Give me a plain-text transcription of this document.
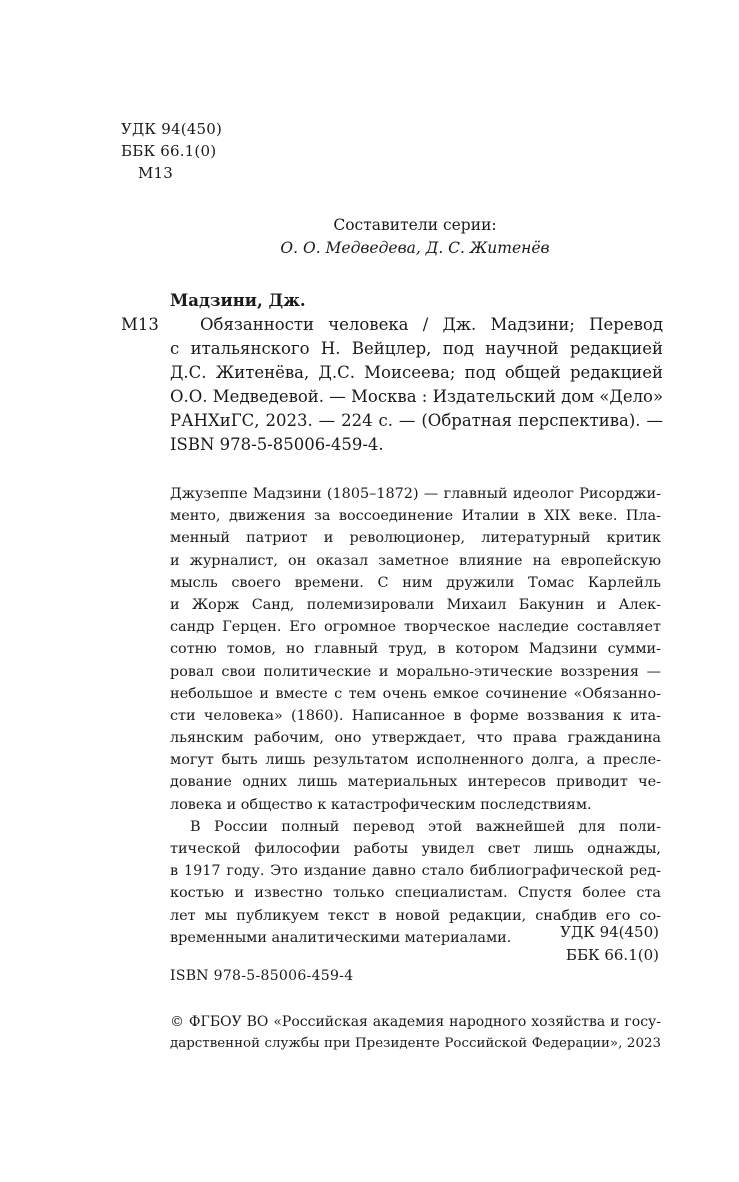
УДК 94(450)
ББК 66.1(0)
М13
Составители серии:
О. О. Медведева, Д. С. Житенёв
Мадзини, Дж.
М13	Обязанности человека / Дж. Мадзини; Перевод
с итальянского Н. Вейцлер, под научной редакцией
Д.С. Житенёва, Д.С. Моисеева; под общей редакцией
О.О. Медведевой. — Москва : Издательский дом «Дело»
РАНХиГС, 2023. — 224 с. — (Обратная перспектива). —
ISBN 978-5-85006-459-4.
Джузеппе Мадзини (1805–1872) — главный идеолог Рисорджи-
менто, движения за воссоединение Италии в XIX веке. Пла-
менный патриот и революционер, литературный критик
и журналист, он оказал заметное влияние на европейскую
мысль своего времени. С ним дружили Томас Карлейль
и Жорж Санд, полемизировали Михаил Бакунин и Алек-
сандр Герцен. Его огромное творческое наследие составляет
сотню томов, но главный труд, в котором Мадзини сумми-
ровал свои политические и морально-этические воззрения —
небольшое и вместе с тем очень емкое сочинение «Обязанно-
сти человека» (1860). Написанное в форме воззвания к ита-
льянским рабочим, оно утверждает, что права гражданина
могут быть лишь результатом исполненного долга, а пресле-
дование одних лишь материальных интересов приводит че-
ловека и общество к катастрофическим последствиям.
В России полный перевод этой важнейшей для поли-
тической философии работы увидел свет лишь однажды,
в 1917 году. Это издание давно стало библиографической ред-
костью и известно только специалистам. Спустя более ста
лет мы публикуем текст в новой редакции, снабдив его со-
временными аналитическими материалами.	УДК 94(450)
ББК 66.1(0)
ISBN 978-5-85006-459-4
© ФГБОУ ВО «Российская академия народного хозяйства и госу-
дарственной службы при Президенте Российской Федерации», 2023
